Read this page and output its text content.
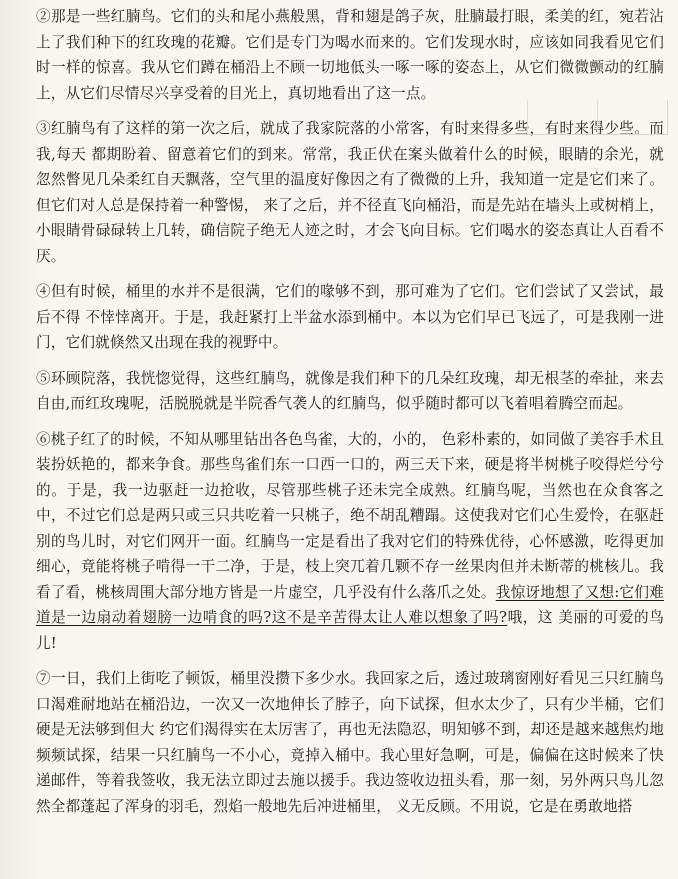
②那是一些红腩鸟。它们的头和尾小燕般黑，背和翅是鸽子灰，肚腩最打眼，柔美的红，宛若沾上了我们种下的红玫瑰的花瓣。它们是专门为喝水而来的。它们发现水时，应该如同我看见它们时一样的惊喜。我从它们蹲在桶沿上不顾一切地低头一啄一啄的姿态上，从它们微微颤动的红腩上，从它们尽情尽兴享受着的目光上，真切地看出了这一点。

③红腩鸟有了这样的第一次之后，就成了我家院落的小常客，有时来得多些，有时来得少些。而我,每天 都期盼着、留意着它们的到来。常常，我正伏在案头做着什么的时候，眼睛的余光，就忽然瞥见几朵柔红自天飘落，空气里的温度好像因之有了微微的上升，我知道一定是它们来了。但它们对人总是保持着一种警惕， 来了之后，并不径直飞向桶沿，而是先站在墙头上或树梢上，小眼睛骨碌碌转上几转，确信院子绝无人迹之时，才会飞向目标。它们喝水的姿态真让人百看不厌。

④但有时候，桶里的水并不是很满，它们的喙够不到，那可难为了它们。它们尝试了又尝试，最后不得 不悻悻离开。于是，我赶紧打上半盆水添到桶中。本以为它们早已飞远了，可是我刚一进门，它们就倏然又出现在我的视野中。

⑤环顾院落，我恍惚觉得，这些红腩鸟，就像是我们种下的几朵红玫瑰，却无根茎的牵扯，来去自由,而红玫瑰呢，活脱脱就是半院香气袭人的红腩鸟，似乎随时都可以飞着唱着腾空而起。

⑥桃子红了的时候，不知从哪里钻出各色鸟雀，大的，小的， 色彩朴素的，如同做了美容手术且装扮妖艳的，都来争食。那些鸟雀们东一口西一口的，两三天下来，硬是将半树桃子咬得烂兮兮的。于是，我一边驱赶一边抢收，尽管那些桃子还未完全成熟。红腩鸟呢，当然也在众食客之中，不过它们总是两只或三只共吃着一只桃子，绝不胡乱糟蹋。这使我对它们心生爱怜，在驱赶别的鸟儿时，对它们网开一面。红腩鸟一定是看出了我对它们的特殊优待，心怀感激，吃得更加细心，竟能将桃子啃得一干二净，于是，枝上突兀着几颗不存一丝果肉但并未断蒂的桃核儿。我看了看，桃核周围大部分地方皆是一片虚空，几乎没有什么落爪之处。我惊讶地想了又想:它们难道是一边扇动着翅膀一边啃食的吗?这不是辛苦得太让人难以想象了吗?哦，这 美丽的可爱的鸟儿!

⑦一日，我们上街吃了顿饭，桶里没攒下多少水。我回家之后，透过玻璃窗刚好看见三只红腩鸟口渴难耐地站在桶沿边，一次又一次地伸长了脖子，向下试探，但水太少了，只有少半桶，它们硬是无法够到但大 约它们渴得实在太厉害了，再也无法隐忍，明知够不到，却还是越来越焦灼地频频试探，结果一只红腩鸟一不小心，竟掉入桶中。我心里好急啊，可是，偏偏在这时候来了快递邮件，等着我签收，我无法立即过去施以援手。我边签收边扭头看，那一刻，另外两只鸟儿忽然全都蓬起了浑身的羽毛，烈焰一般地先后冲进桶里， 义无反顾。不用说，它是在勇敢地搭
